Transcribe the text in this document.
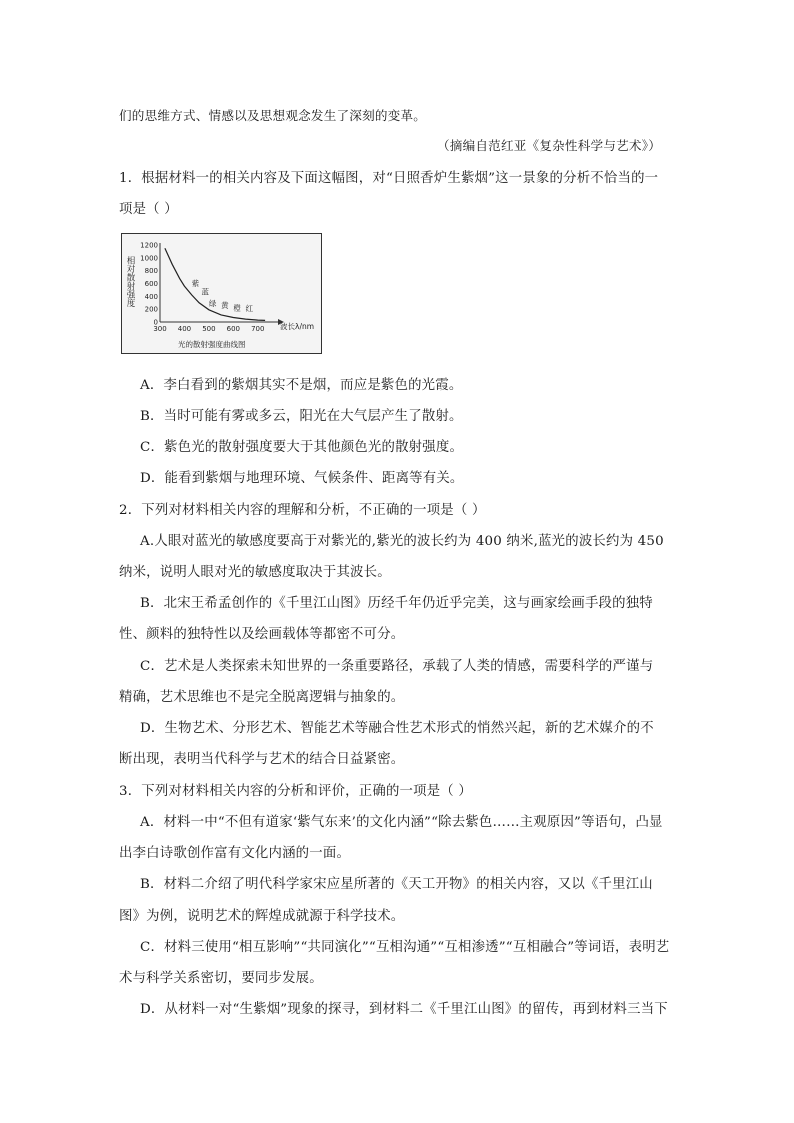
们的思维方式、情感以及思想观念发生了深刻的变革。
（摘编自范红亚《复杂性科学与艺术》）
1．根据材料一的相关内容及下面这幅图，对“日照香炉生紫烟”这一景象的分析不恰当的一
项是（ ）
1200
1000
800
600
400
200
0
300 400 500 600 700
相对散射强度
波长λ/nm
紫
蓝
绿 黄 橙 红
光的散射强度曲线图
A．李白看到的紫烟其实不是烟，而应是紫色的光霞。
B．当时可能有雾或多云，阳光在大气层产生了散射。
C．紫色光的散射强度要大于其他颜色光的散射强度。
D．能看到紫烟与地理环境、气候条件、距离等有关。
2．下列对材料相关内容的理解和分析，不正确的一项是（ ）
A.人眼对蓝光的敏感度要高于对紫光的,紫光的波长约为 400 纳米,蓝光的波长约为 450
纳米，说明人眼对光的敏感度取决于其波长。
B．北宋王希孟创作的《千里江山图》历经千年仍近乎完美，这与画家绘画手段的独特
性、颜料的独特性以及绘画载体等都密不可分。
C．艺术是人类探索未知世界的一条重要路径，承载了人类的情感，需要科学的严谨与
精确，艺术思维也不是完全脱离逻辑与抽象的。
D．生物艺术、分形艺术、智能艺术等融合性艺术形式的悄然兴起，新的艺术媒介的不
断出现，表明当代科学与艺术的结合日益紧密。
3．下列对材料相关内容的分析和评价，正确的一项是（ ）
A．材料一中“不但有道家‘紫气东来’的文化内涵”“除去紫色……主观原因”等语句，凸显
出李白诗歌创作富有文化内涵的一面。
B．材料二介绍了明代科学家宋应星所著的《天工开物》的相关内容，又以《千里江山
图》为例，说明艺术的辉煌成就源于科学技术。
C．材料三使用“相互影响”“共同演化”“互相沟通”“互相渗透”“互相融合”等词语，表明艺
术与科学关系密切，要同步发展。
D．从材料一对“生紫烟”现象的探寻，到材料二《千里江山图》的留传，再到材料三当下
